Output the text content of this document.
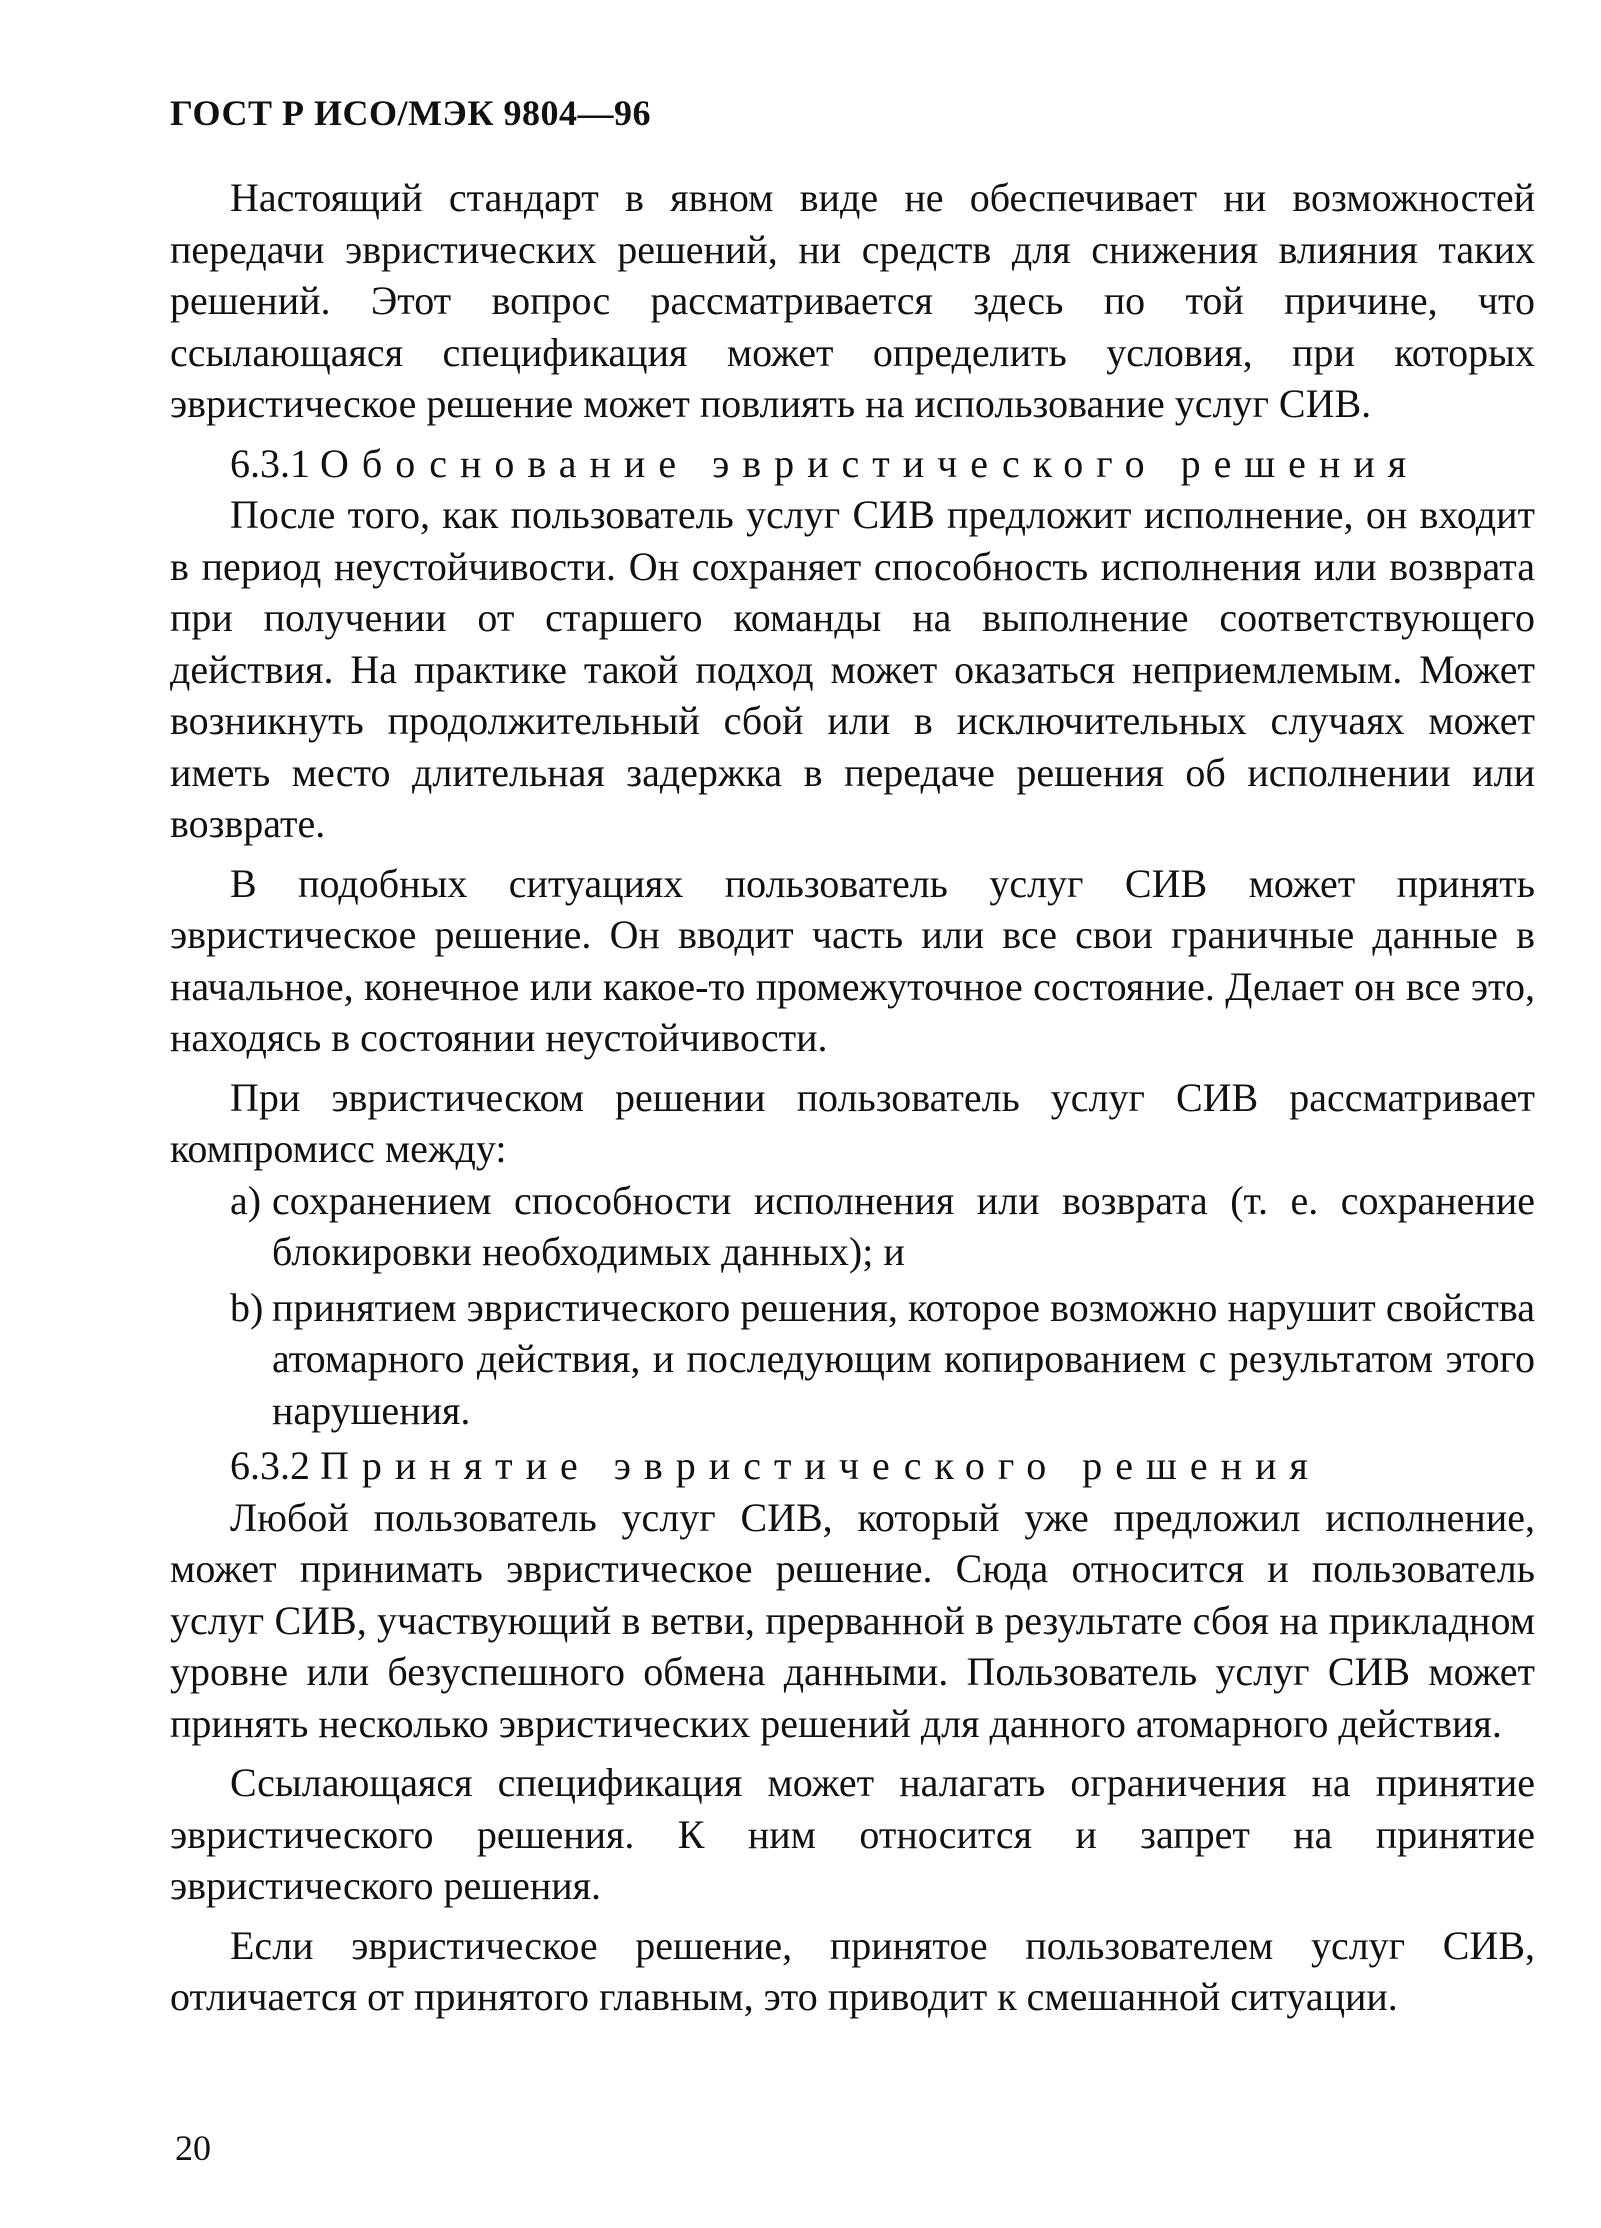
ГОСТ Р ИСО/МЭК 9804—96

Настоящий стандарт в явном виде не обеспечивает ни возможностей передачи эвристических решений, ни средств для снижения влияния таких решений. Этот вопрос рассматривается здесь по той причине, что ссылающаяся спецификация может определить условия, при которых эвристическое решение может повлиять на использование услуг СИВ.

6.3.1 Обоснование эвристического решения

После того, как пользователь услуг СИВ предложит исполнение, он входит в период неустойчивости. Он сохраняет способность исполнения или возврата при получении от старшего команды на выполнение соответствующего действия. На практике такой подход может оказаться неприемлемым. Может возникнуть продолжительный сбой или в исключительных случаях может иметь место длительная задержка в передаче решения об исполнении или возврате.

В подобных ситуациях пользователь услуг СИВ может принять эвристическое решение. Он вводит часть или все свои граничные данные в начальное, конечное или какое-то промежуточное состояние. Делает он все это, находясь в состоянии неустойчивости.

При эвристическом решении пользователь услуг СИВ рассматривает компромисс между:

а) сохранением способности исполнения или возврата (т. е. сохранение блокировки необходимых данных); и

b) принятием эвристического решения, которое возможно нарушит свойства атомарного действия, и последующим копированием с результатом этого нарушения.

6.3.2 Принятие эвристического решения

Любой пользователь услуг СИВ, который уже предложил исполнение, может принимать эвристическое решение. Сюда относится и пользователь услуг СИВ, участвующий в ветви, прерванной в результате сбоя на прикладном уровне или безуспешного обмена данными. Пользователь услуг СИВ может принять несколько эвристических решений для данного атомарного действия.

Ссылающаяся спецификация может налагать ограничения на принятие эвристического решения. К ним относится и запрет на принятие эвристического решения.

Если эвристическое решение, принятое пользователем услуг СИВ, отличается от принятого главным, это приводит к смешанной ситуации.

20
